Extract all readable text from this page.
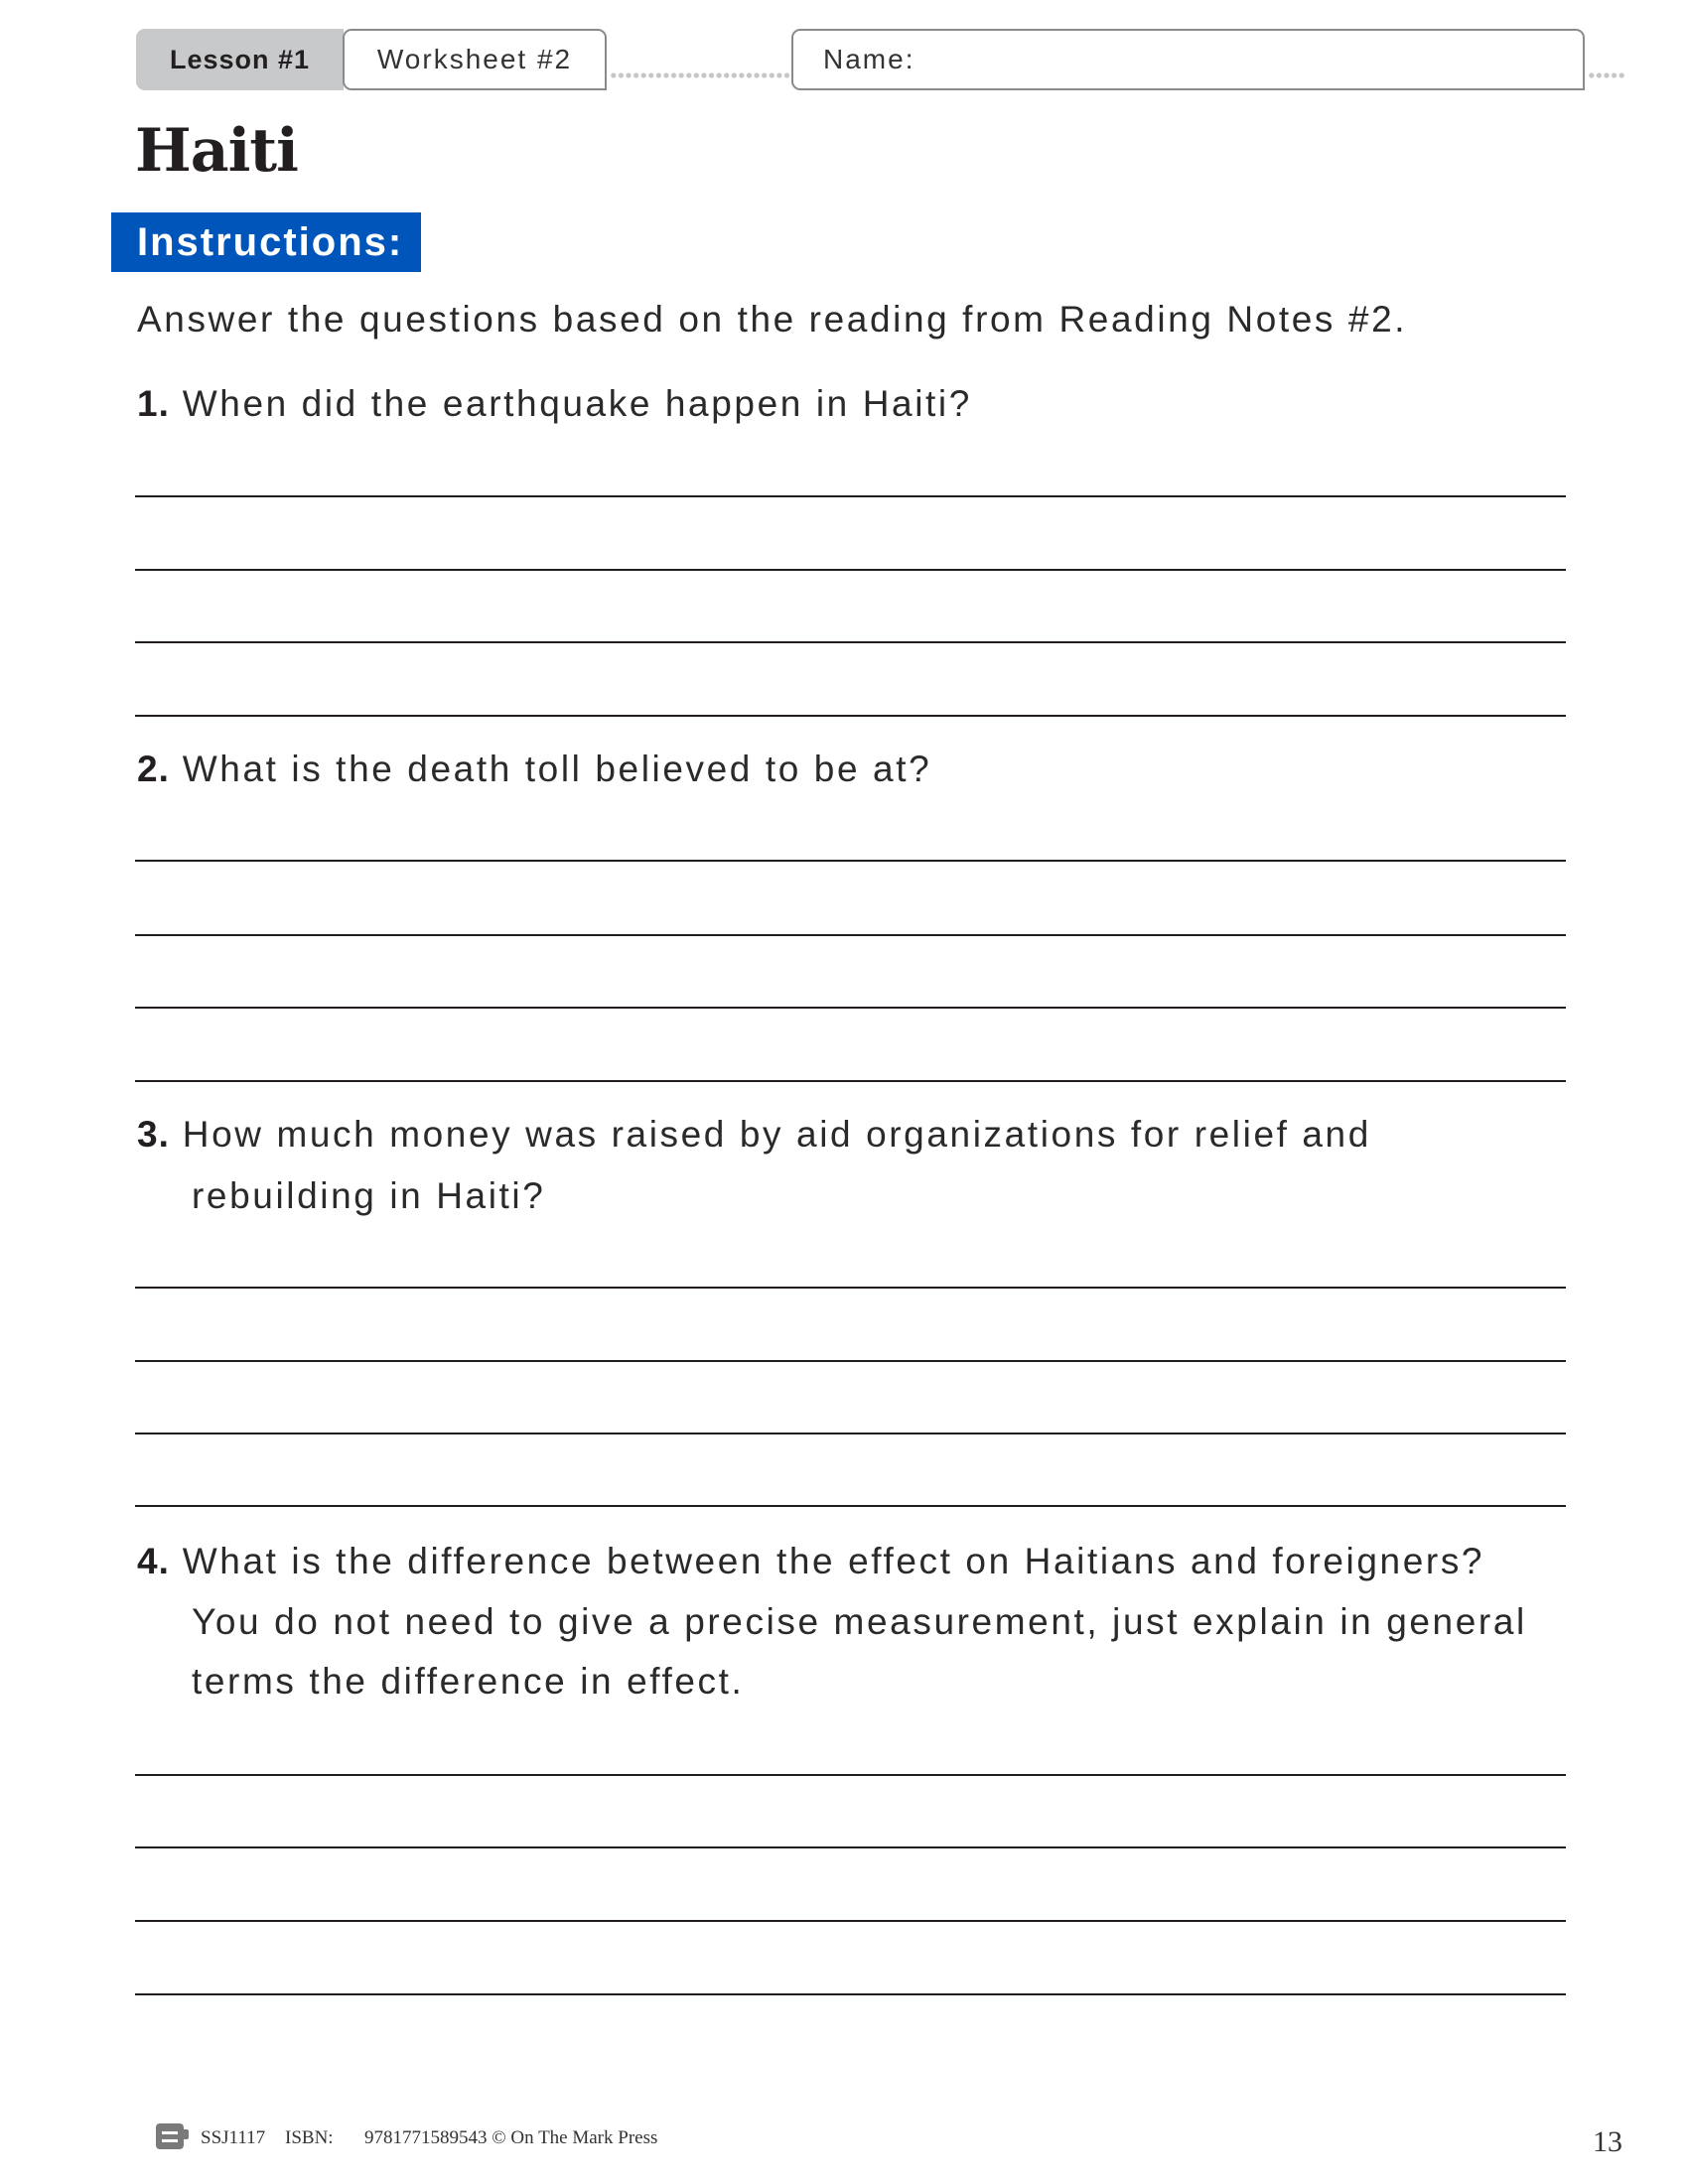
Lesson #1	Worksheet #2	Name:
Haiti
Instructions:
Answer the questions based on the reading from Reading Notes #2.
1. When did the earthquake happen in Haiti?
2. What is the death toll believed to be at?
3. How much money was raised by aid organizations for relief and
rebuilding in Haiti?
4. What is the difference between the effect on Haitians and foreigners?
You do not need to give a precise measurement, just explain in general
terms the difference in effect.
SSJ1117 ISBN: 9781771589543 © On The Mark Press	13
